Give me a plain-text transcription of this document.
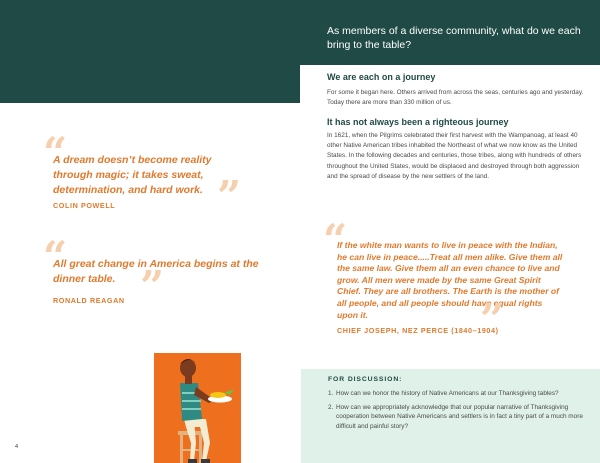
As members of a diverse community, what do we each bring to the table?
We are each on a journey
For some it began here. Others arrived from across the seas, centuries ago and yesterday. Today there are more than 330 million of us.
It has not always been a righteous journey
In 1621, when the Pilgrims celebrated their first harvest with the Wampanoag, at least 40 other Native American tribes inhabited the Northeast of what we now know as the United States. In the following decades and centuries, those tribes, along with hundreds of others throughout the United States, would be displaced and destroyed through both aggression and the spread of disease by the new settlers of the land.
“
A dream doesn’t become reality through magic; it takes sweat, determination, and hard work. ”
COLIN POWELL
“
All great change in America begins at the dinner table. ”
RONALD REAGAN
“
If the white man wants to live in peace with the Indian, he can live in peace.....Treat all men alike. Give them all the same law. Give them all an even chance to live and grow. All men were made by the same Great Spirit Chief. They are all brothers. The Earth is the mother of all people, and all people should have equal rights upon it.	”
CHIEF JOSEPH, NEZ PERCE (1840–1904)
FOR DISCUSSION:
1. How can we honor the history of Native Americans at our Thanksgiving tables?
2. How can we appropriately acknowledge that our popular narrative of Thanksgiving cooperation between Native Americans and settlers is in fact a tiny part of a much more difficult and painful story?
4
